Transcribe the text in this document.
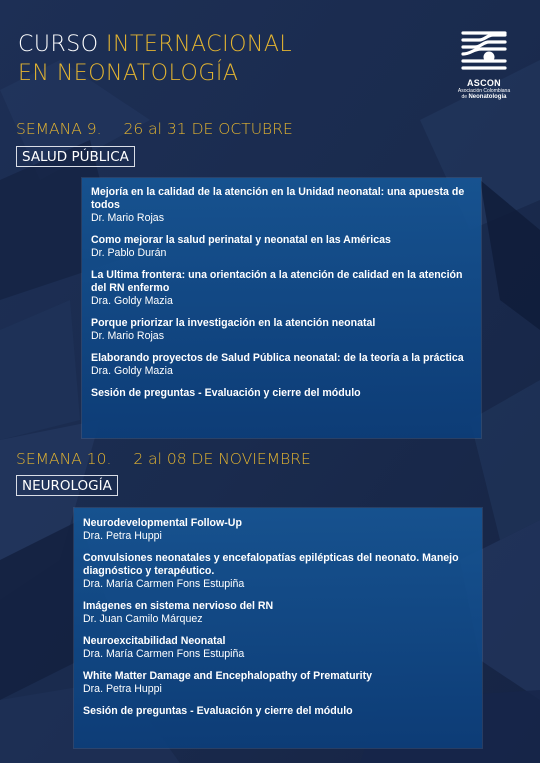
CURSO INTERNACIONAL
EN NEONATOLOGÍA	ASCON
Asociación Colombiana
de Neonatología
SEMANA 9. 26 al 31 DE OCTUBRE
SALUD PÚBLICA
Mejoría en la calidad de la atención en la Unidad neonatal: una apuesta de todos
Dr. Mario Rojas
Como mejorar la salud perinatal y neonatal en las Américas
Dr. Pablo Durán
La Ultima frontera: una orientación a la atención de calidad en la atención del RN enfermo
Dra. Goldy Mazia
Porque priorizar la investigación en la atención neonatal
Dr. Mario Rojas
Elaborando proyectos de Salud Pública neonatal: de la teoría a la práctica
Dra. Goldy Mazia
Sesión de preguntas - Evaluación y cierre del módulo
SEMANA 10. 2 al 08 DE NOVIEMBRE
NEUROLOGÍA
Neurodevelopmental Follow-Up
Dra. Petra Huppi
Convulsiones neonatales y encefalopatías epilépticas del neonato. Manejo diagnóstico y terapéutico.
Dra. María Carmen Fons Estupiña
Imágenes en sistema nervioso del RN
Dr. Juan Camilo Márquez
Neuroexcitabilidad Neonatal
Dra. María Carmen Fons Estupiña
White Matter Damage and Encephalopathy of Prematurity
Dra. Petra Huppi
Sesión de preguntas - Evaluación y cierre del módulo
